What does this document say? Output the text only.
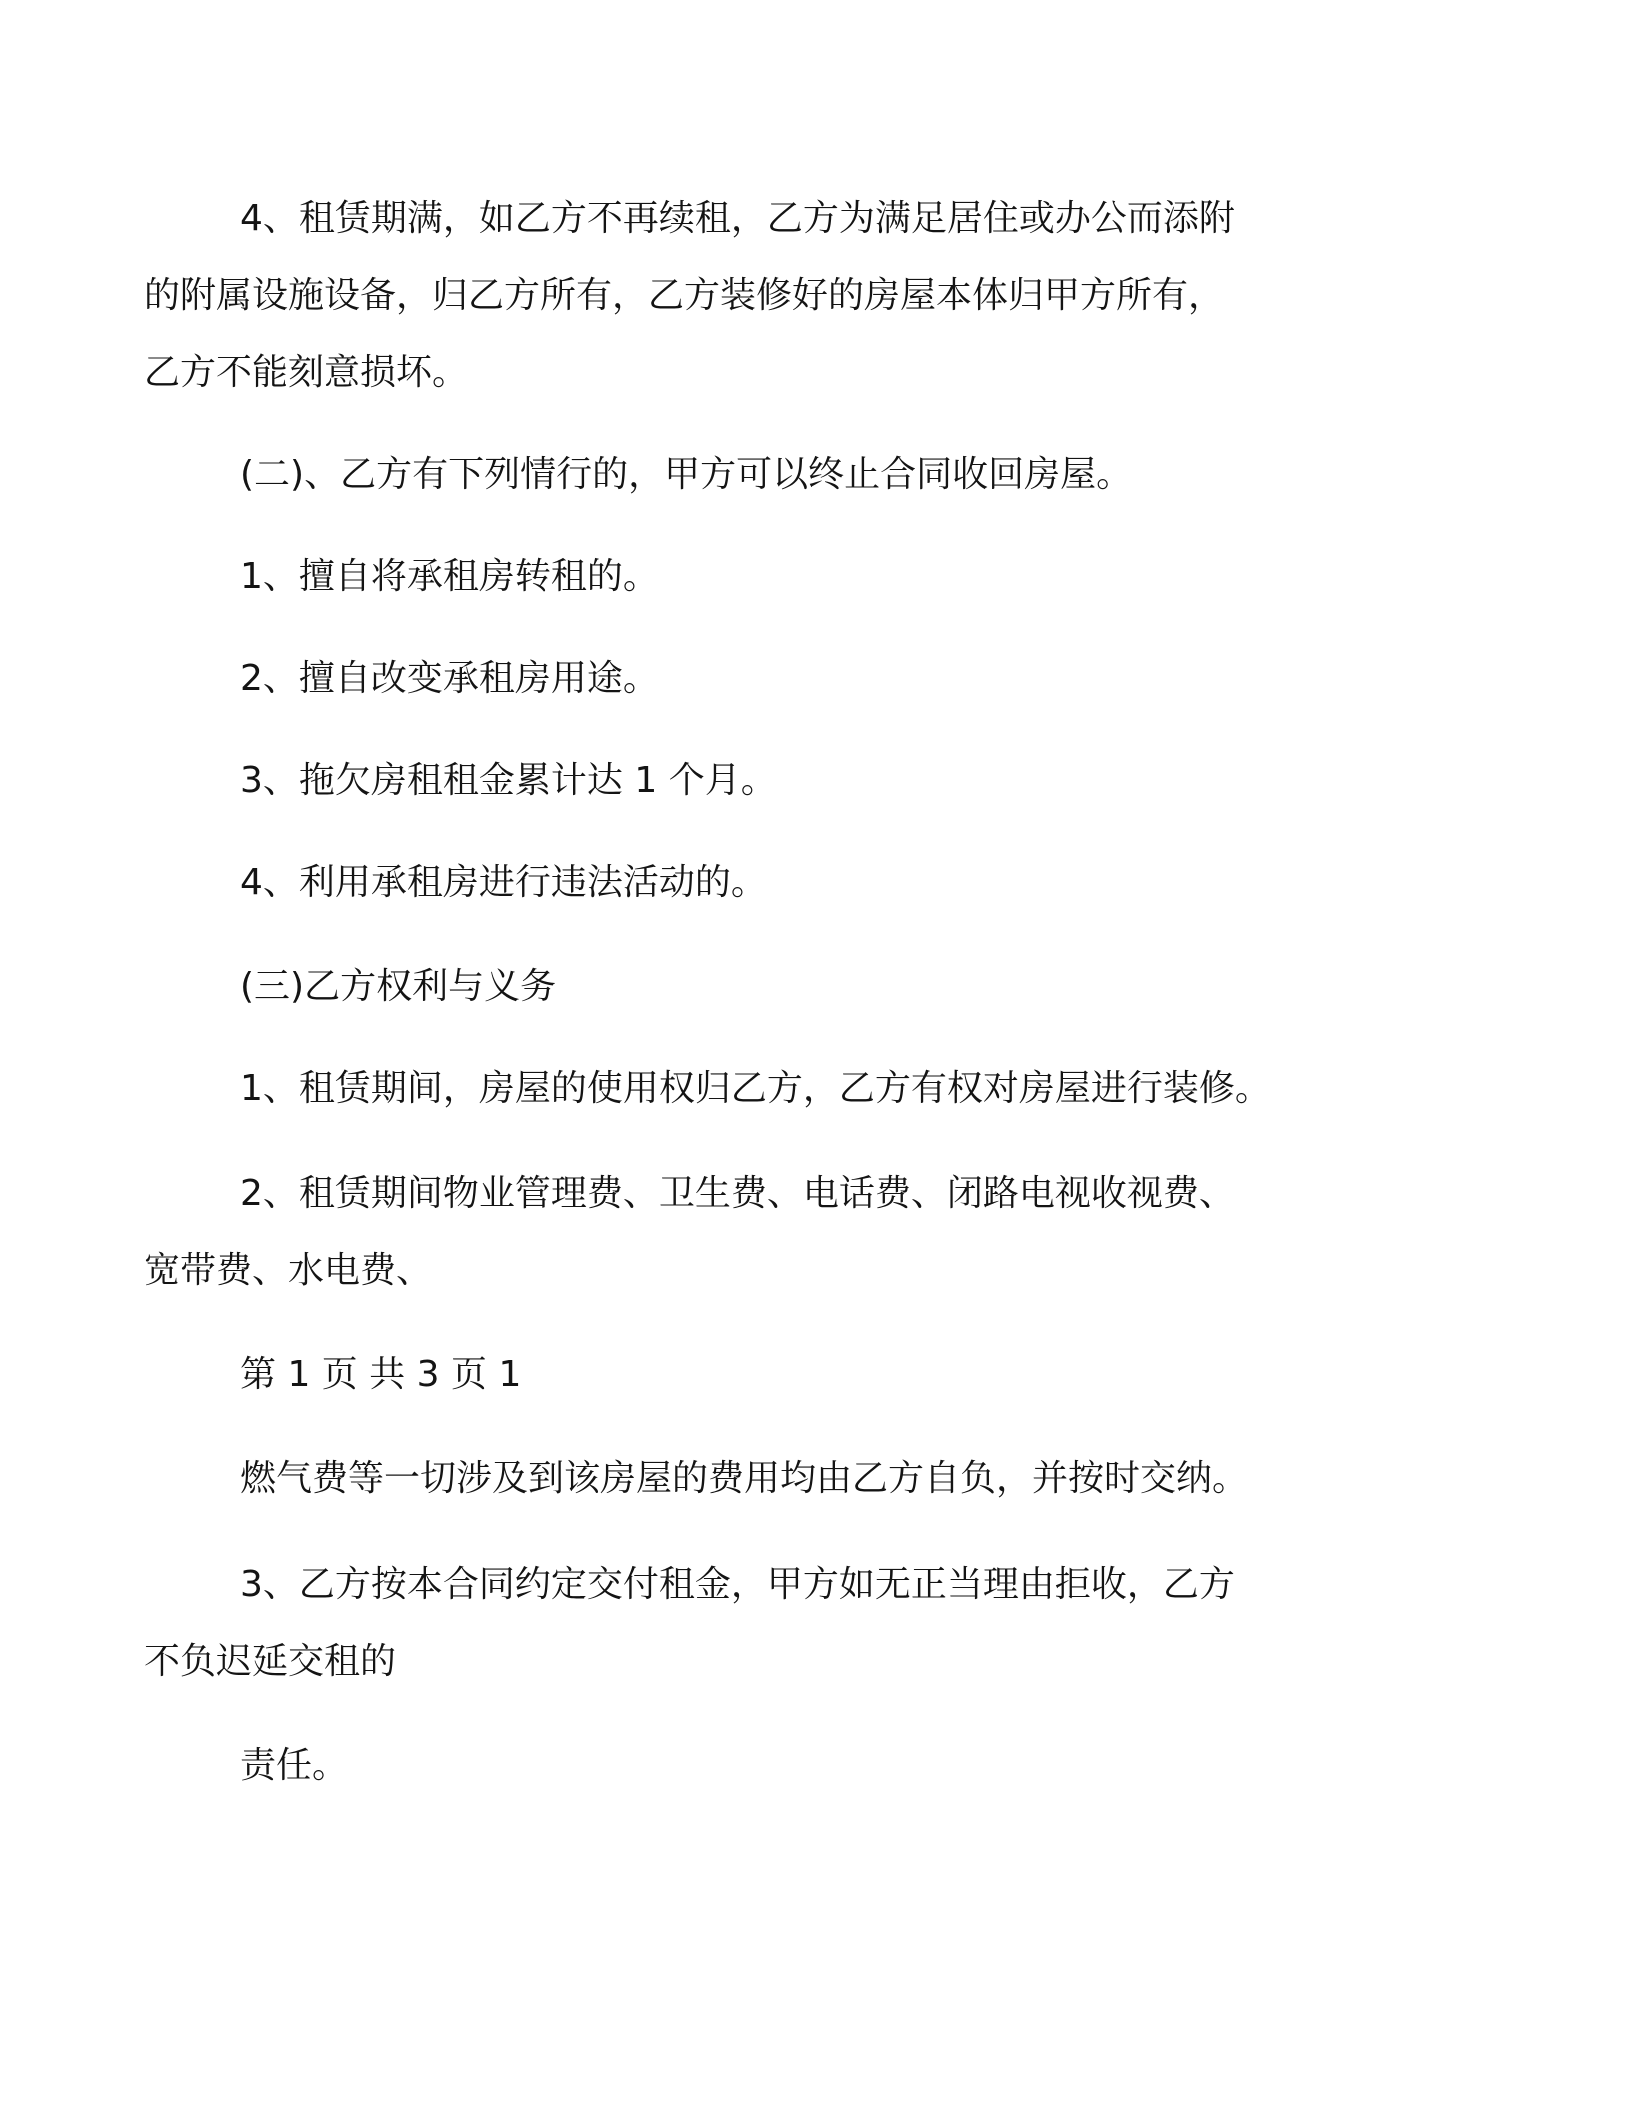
4、租赁期满，如乙方不再续租，乙方为满足居住或办公而添附
的附属设施设备，归乙方所有，乙方装修好的房屋本体归甲方所有，
乙方不能刻意损坏。
(二)、乙方有下列情行的，甲方可以终止合同收回房屋。
1、擅自将承租房转租的。
2、擅自改变承租房用途。
3、拖欠房租租金累计达 1 个月。
4、利用承租房进行违法活动的。
(三)乙方权利与义务
1、租赁期间，房屋的使用权归乙方，乙方有权对房屋进行装修。
2、租赁期间物业管理费、卫生费、电话费、闭路电视收视费、
宽带费、水电费、
第 1 页 共 3 页 1
燃气费等一切涉及到该房屋的费用均由乙方自负，并按时交纳。
3、乙方按本合同约定交付租金，甲方如无正当理由拒收，乙方
不负迟延交租的
责任。
